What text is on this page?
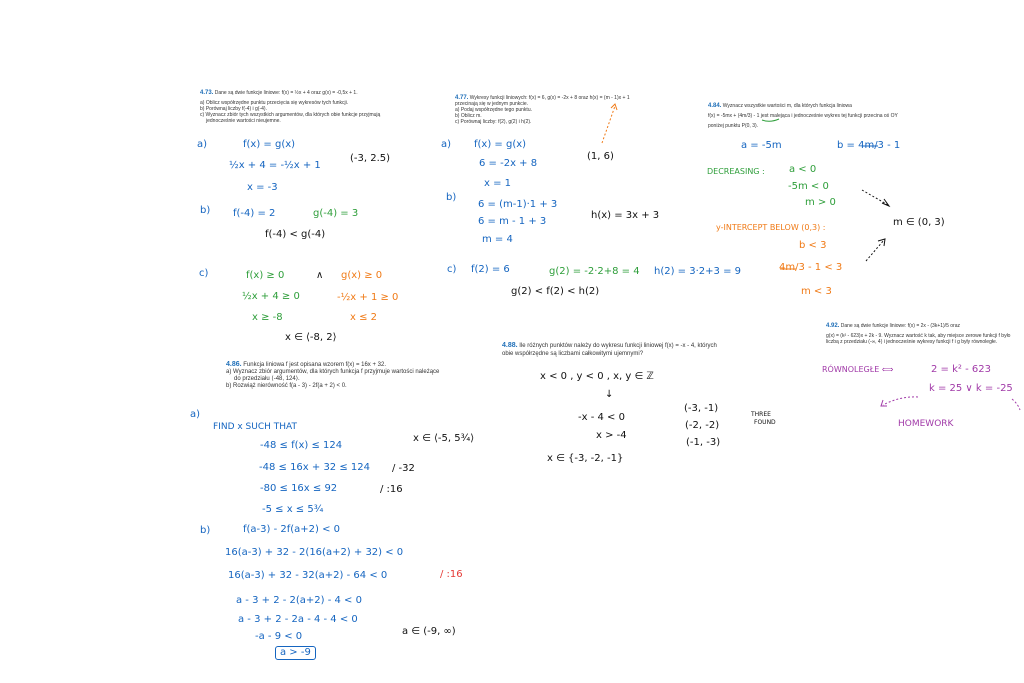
4.73. Dane są dwie funkcje liniowe: f(x) = ½x + 4 oraz g(x) = -0,5x + 1.
a) Oblicz współrzędne punktu przecięcia się wykresów tych funkcji.
b) Porównaj liczby f(-4) i g(-4).
c) Wyznacz zbiór tych wszystkich argumentów, dla których obie funkcje przyjmują
jednocześnie wartości nieujemne.
4.77. Wykresy funkcji liniowych: f(x) = 6, g(x) = -2x + 8 oraz h(x) = (m - 1)x + 1
przecinają się w jednym punkcie.
a) Podaj współrzędne tego punktu.
b) Oblicz m.
c) Porównaj liczby: f(2), g(2) i h(2).
4.84. Wyznacz wszystkie wartości m, dla których funkcja liniowa
f(x) = -5mx + (4m/3) - 1 jest malejąca i jednocześnie wykres tej funkcji przecina oś OY
poniżej punktu P(0, 3).
4.92. Dane są dwie funkcje liniowe: f(x) = 2x - (3k+1)/5 oraz
g(x) = (k² - 623)x + 2k - 9. Wyznacz wartość k tak, aby miejsce zerowe funkcji f było
liczbą z przedziału (-∞, 4) i jednocześnie wykresy funkcji f i g były równoległe.
4.86. Funkcja liniowa f jest opisana wzorem f(x) = 16x + 32.
a) Wyznacz zbiór argumentów, dla których funkcja f przyjmuje wartości należące
do przedziału ⟨-48, 124⟩.
b) Rozwiąż nierówność f(a - 3) - 2f(a + 2) < 0.
4.88. Ile różnych punktów należy do wykresu funkcji liniowej f(x) = -x - 4, których
obie współrzędne są liczbami całkowitymi ujemnymi?
a)	f(x) = g(x)
½x + 4 = -½x + 1
(-3, 2.5)
x = -3
b) f(-4) = 2	g(-4) = 3
f(-4) < g(-4)
c)	f(x) ≥ 0	∧ g(x) ≥ 0
½x + 4 ≥ 0	-½x + 1 ≥ 0
x ≥ -8	x ≤ 2
x ∈ ⟨-8, 2⟩
a) f(x) = g(x)
6 = -2x + 8
(1, 6)
x = 1
b)
6 = (m-1)·1 + 3
6 = m - 1 + 3
h(x) = 3x + 3
m = 4
c) f(2) = 6	g(2) = -2·2+8 = 4 h(2) = 3·2+3 = 9
g(2) < f(2) < h(2)
a = -5m	b = 4m/3 - 1
DECREASING : a < 0
-5m < 0
m > 0
y-INTERCEPT BELOW (0,3) :
b < 3
4m/3 - 1 < 3
m < 3
m ∈ (0, 3)
RÓWNOLEGŁE ⟺	2 = k² - 623
k = 25 ∨ k = -25
HOMEWORK
a)
FIND x SUCH THAT
x ∈ ⟨-5, 5¾⟩
-48 ≤ f(x) ≤ 124
-48 ≤ 16x + 32 ≤ 124 / -32
-80 ≤ 16x ≤ 92	/ :16
-5 ≤ x ≤ 5¾
b)	f(a-3) - 2f(a+2) < 0
16(a-3) + 32 - 2(16(a+2) + 32) < 0
16(a-3) + 32 - 32(a+2) - 64 < 0	/ :16
a - 3 + 2 - 2(a+2) - 4 < 0
a - 3 + 2 - 2a - 4 - 4 < 0
-a - 9 < 0	a ∈ (-9, ∞)
a > -9
x < 0 , y < 0 , x, y ∈ ℤ
↓
-x - 4 < 0
x > -4
x ∈ {-3, -2, -1}
(-3, -1)
(-2, -2)
(-1, -3)
THREE
FOUND
